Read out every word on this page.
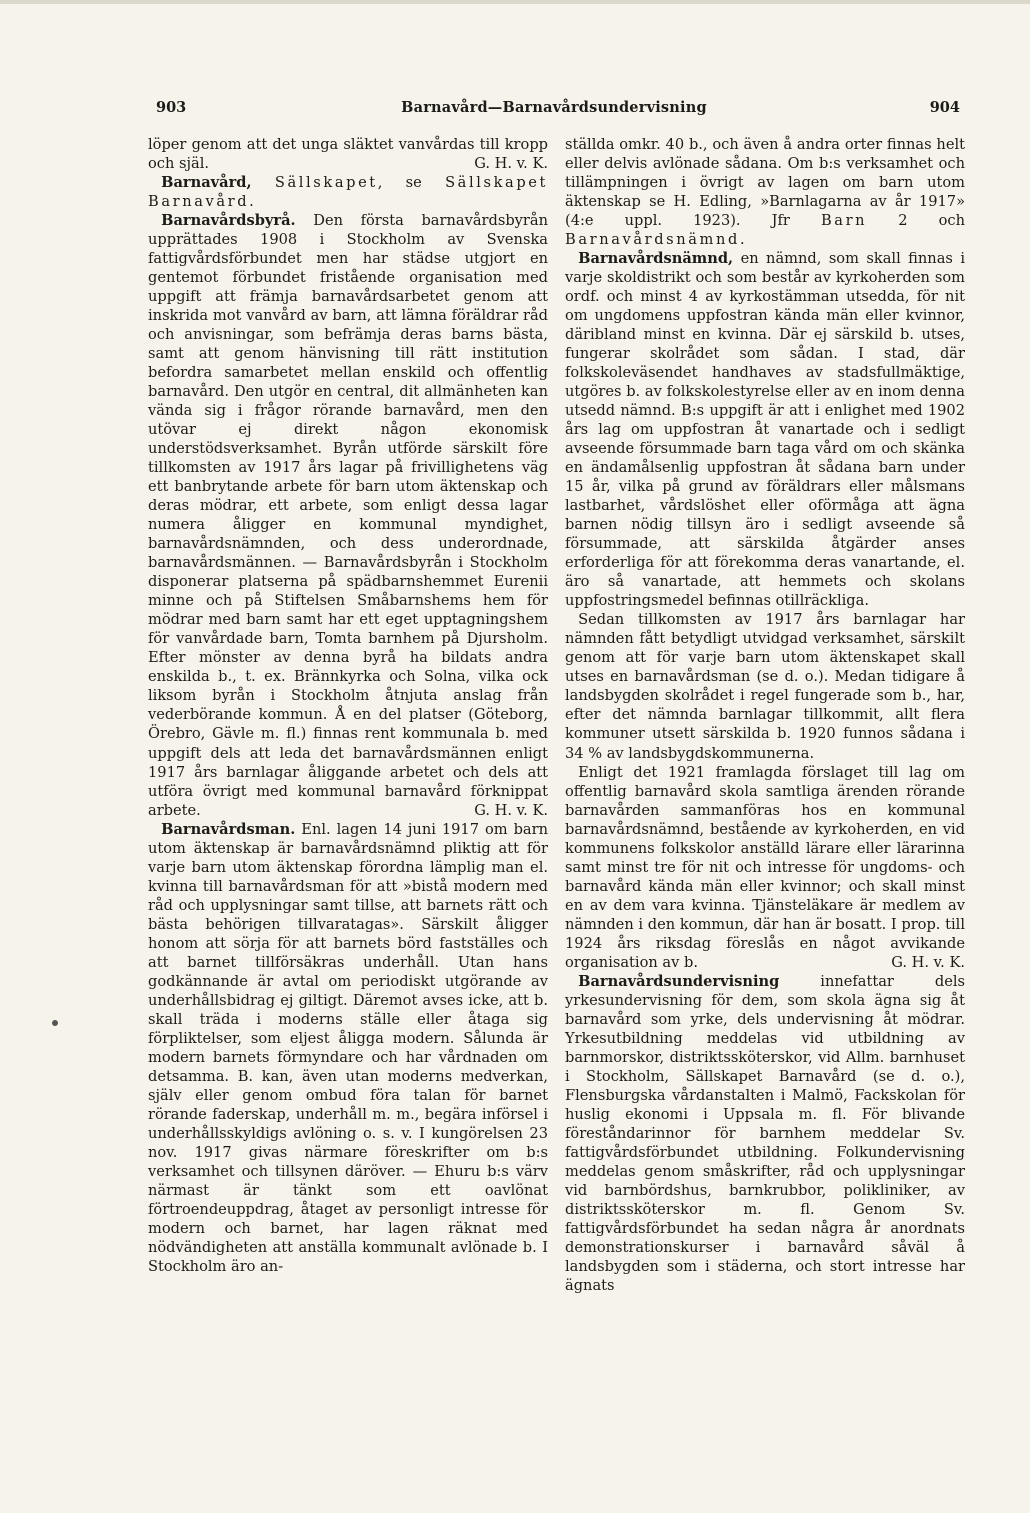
903	Barnavård—Barnavårdsundervisning	904

löper genom att det unga släktet vanvårdas till kropp och själ.	G. H. v. K.

Barnavård, Sällskapet, se Sällskapet Barnavård.

Barnavårdsbyrå. Den första barnavårdsbyrån upprättades 1908 i Stockholm av Svenska fattigvårdsförbundet men har städse utgjort en gentemot förbundet fristående organisation med uppgift att främja barnavårdsarbetet genom att inskrida mot vanvård av barn, att lämna föräldrar råd och anvisningar, som befrämja deras barns bästa, samt att genom hänvisning till rätt institution befordra samarbetet mellan enskild och offentlig barnavård. Den utgör en central, dit allmänheten kan vända sig i frågor rörande barnavård, men den utövar ej direkt någon ekonomisk understödsverksamhet. Byrån utförde särskilt före tillkomsten av 1917 års lagar på frivillighetens väg ett banbrytande arbete för barn utom äktenskap och deras mödrar, ett arbete, som enligt dessa lagar numera åligger en kommunal myndighet, barnavårdsnämnden, och dess underordnade, barnavårdsmännen. — Barnavårdsbyrån i Stockholm disponerar platserna på spädbarnshemmet Eurenii minne och på Stiftelsen Småbarnshems hem för mödrar med barn samt har ett eget upptagningshem för vanvårdade barn, Tomta barnhem på Djursholm. Efter mönster av denna byrå ha bildats andra enskilda b., t. ex. Brännkyrka och Solna, vilka ock liksom byrån i Stockholm åtnjuta anslag från vederbörande kommun. Å en del platser (Göteborg, Örebro, Gävle m. fl.) finnas rent kommunala b. med uppgift dels att leda det barnavårdsmännen enligt 1917 års barnlagar åliggande arbetet och dels att utföra övrigt med kommunal barnavård förknippat arbete.	G. H. v. K.

Barnavårdsman. Enl. lagen 14 juni 1917 om barn utom äktenskap är barnavårdsnämnd pliktig att för varje barn utom äktenskap förordna lämplig man el. kvinna till barnavårdsman för att »bistå modern med råd och upplysningar samt tillse, att barnets rätt och bästa behörigen tillvaratagas». Särskilt åligger honom att sörja för att barnets börd fastställes och att barnet tillförsäkras underhåll. Utan hans godkännande är avtal om periodiskt utgörande av underhållsbidrag ej giltigt. Däremot avses icke, att b. skall träda i moderns ställe eller åtaga sig förpliktelser, som eljest åligga modern. Sålunda är modern barnets förmyndare och har vårdnaden om detsamma. B. kan, även utan moderns medverkan, själv eller genom ombud föra talan för barnet rörande faderskap, underhåll m. m., begära införsel i underhållsskyldigs avlöning o. s. v. I kungörelsen 23 nov. 1917 givas närmare föreskrifter om b:s verksamhet och tillsynen däröver. — Ehuru b:s värv närmast är tänkt som ett oavlönat förtroendeuppdrag, åtaget av personligt intresse för modern och barnet, har lagen räknat med nödvändigheten att anställa kommunalt avlönade b. I Stockholm äro an-

ställda omkr. 40 b., och även å andra orter finnas helt eller delvis avlönade sådana. Om b:s verksamhet och tillämpningen i övrigt av lagen om barn utom äktenskap se H. Edling, »Barnlagarna av år 1917» (4:e uppl. 1923). Jfr Barn 2 och Barnavårdsnämnd.

Barnavårdsnämnd, en nämnd, som skall finnas i varje skoldistrikt och som består av kyrkoherden som ordf. och minst 4 av kyrkostämman utsedda, för nit om ungdomens uppfostran kända män eller kvinnor, däribland minst en kvinna. Där ej särskild b. utses, fungerar skolrådet som sådan. I stad, där folkskoleväsendet handhaves av stadsfullmäktige, utgöres b. av folkskolestyrelse eller av en inom denna utsedd nämnd. B:s uppgift är att i enlighet med 1902 års lag om uppfostran åt vanartade och i sedligt avseende försummade barn taga vård om och skänka en ändamålsenlig uppfostran åt sådana barn under 15 år, vilka på grund av föräldrars eller målsmans lastbarhet, vårdslöshet eller oförmåga att ägna barnen nödig tillsyn äro i sedligt avseende så försummade, att särskilda åtgärder anses erforderliga för att förekomma deras vanartande, el. äro så vanartade, att hemmets och skolans uppfostringsmedel befinnas otillräckliga.

Sedan tillkomsten av 1917 års barnlagar har nämnden fått betydligt utvidgad verksamhet, särskilt genom att för varje barn utom äktenskapet skall utses en barnavårdsman (se d. o.). Medan tidigare å landsbygden skolrådet i regel fungerade som b., har, efter det nämnda barnlagar tillkommit, allt flera kommuner utsett särskilda b. 1920 funnos sådana i 34 % av landsbygdskommunerna.

Enligt det 1921 framlagda förslaget till lag om offentlig barnavård skola samtliga ärenden rörande barnavården sammanföras hos en kommunal barnavårdsnämnd, bestående av kyrkoherden, en vid kommunens folkskolor anställd lärare eller lärarinna samt minst tre för nit och intresse för ungdoms- och barnavård kända män eller kvinnor; och skall minst en av dem vara kvinna. Tjänsteläkare är medlem av nämnden i den kommun, där han är bosatt. I prop. till 1924 års riksdag föreslås en något avvikande organisation av b.	G. H. v. K.

Barnavårdsundervisning	innefattar dels yrkesundervisning för dem, som skola ägna sig åt barnavård som yrke, dels undervisning åt mödrar. Yrkesutbildning meddelas vid utbildning av barnmorskor, distriktssköterskor, vid Allm. barnhuset i Stockholm, Sällskapet Barnavård (se d. o.), Flensburgska vårdanstalten i Malmö, Fackskolan för huslig ekonomi i Uppsala m. fl. För blivande föreståndarinnor för barnhem meddelar Sv. fattigvårdsförbundet utbildning. Folkundervisning meddelas genom småskrifter, råd och upplysningar vid barnbördshus, barnkrubbor, polikliniker, av distriktssköterskor m. fl. Genom Sv. fattigvårdsförbundet ha sedan några år anordnats demonstrationskurser i barnavård såväl å landsbygden som i städerna, och stort intresse har ägnats
